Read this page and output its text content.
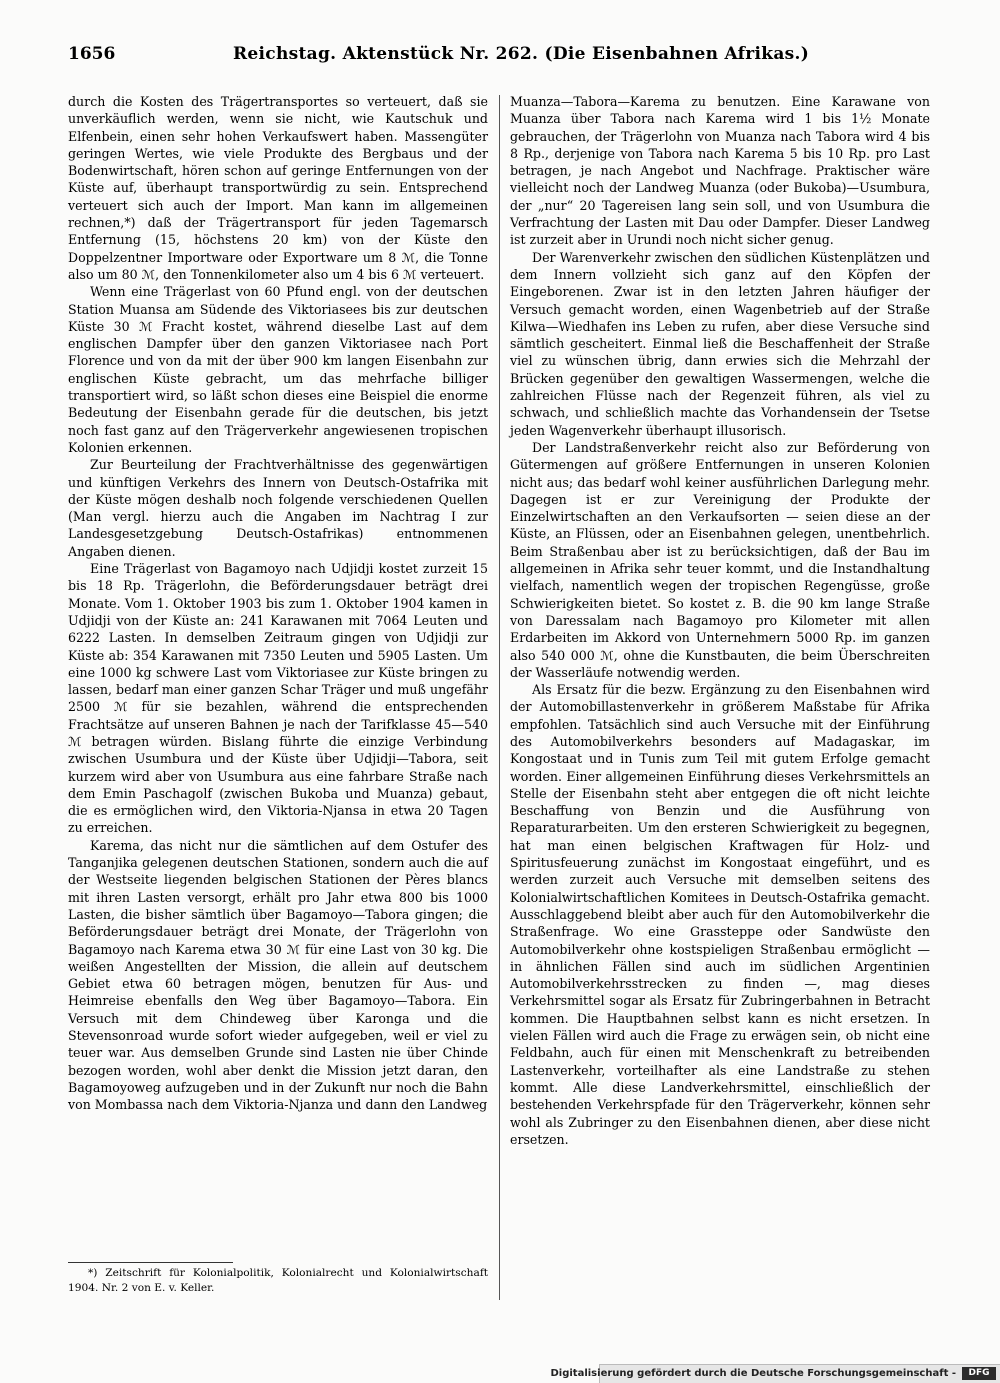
1656	Reichstag. Aktenstück Nr. 262. (Die Eisenbahnen Afrikas.)

durch die Kosten des Trägertransportes so verteuert, daß sie unverkäuflich werden, wenn sie nicht, wie Kautschuk und Elfenbein, einen sehr hohen Verkaufswert haben. Massengüter geringen Wertes, wie viele Produkte des Bergbaus und der Bodenwirtschaft, hören schon auf geringe Entfernungen von der Küste auf, überhaupt transportwürdig zu sein. Entsprechend verteuert sich auch der Import. Man kann im allgemeinen rechnen,*) daß der Trägertransport für jeden Tagemarsch Entfernung (15, höchstens 20 km) von der Küste den Doppelzentner Importware oder Exportware um 8 ℳ, die Tonne also um 80 ℳ, den Tonnenkilometer also um 4 bis 6 ℳ verteuert.

Wenn eine Trägerlast von 60 Pfund engl. von der deutschen Station Muansa am Südende des Viktoriasees bis zur deutschen Küste 30 ℳ Fracht kostet, während dieselbe Last auf dem englischen Dampfer über den ganzen Viktoriasee nach Port Florence und von da mit der über 900 km langen Eisenbahn zur englischen Küste gebracht, um das mehrfache billiger transportiert wird, so läßt schon dieses eine Beispiel die enorme Bedeutung der Eisenbahn gerade für die deutschen, bis jetzt noch fast ganz auf den Trägerverkehr angewiesenen tropischen Kolonien erkennen.

Zur Beurteilung der Frachtverhältnisse des gegenwärtigen und künftigen Verkehrs des Innern von Deutsch-Ostafrika mit der Küste mögen deshalb noch folgende verschiedenen Quellen (Man vergl. hierzu auch die Angaben im Nachtrag I zur Landesgesetzgebung Deutsch-Ostafrikas) entnommenen Angaben dienen.

Eine Trägerlast von Bagamoyo nach Udjidji kostet zurzeit 15 bis 18 Rp. Trägerlohn, die Beförderungsdauer beträgt drei Monate. Vom 1. Oktober 1903 bis zum 1. Oktober 1904 kamen in Udjidji von der Küste an: 241 Karawanen mit 7064 Leuten und 6222 Lasten. In demselben Zeitraum gingen von Udjidji zur Küste ab: 354 Karawanen mit 7350 Leuten und 5905 Lasten. Um eine 1000 kg schwere Last vom Viktoriasee zur Küste bringen zu lassen, bedarf man einer ganzen Schar Träger und muß ungefähr 2500 ℳ für sie bezahlen, während die entsprechenden Frachtsätze auf unseren Bahnen je nach der Tarifklasse 45—540 ℳ betragen würden. Bislang führte die einzige Verbindung zwischen Usumbura und der Küste über Udjidji—Tabora, seit kurzem wird aber von Usumbura aus eine fahrbare Straße nach dem Emin Paschagolf (zwischen Bukoba und Muanza) gebaut, die es ermöglichen wird, den Viktoria-Njansa in etwa 20 Tagen zu erreichen.

Karema, das nicht nur die sämtlichen auf dem Ostufer des Tanganjika gelegenen deutschen Stationen, sondern auch die auf der Westseite liegenden belgischen Stationen der Pères blancs mit ihren Lasten versorgt, erhält pro Jahr etwa 800 bis 1000 Lasten, die bisher sämtlich über Bagamoyo—Tabora gingen; die Beförderungsdauer beträgt drei Monate, der Trägerlohn von Bagamoyo nach Karema etwa 30 ℳ für eine Last von 30 kg. Die weißen Angestellten der Mission, die allein auf deutschem Gebiet etwa 60 betragen mögen, benutzen für Aus- und Heimreise ebenfalls den Weg über Bagamoyo—Tabora. Ein Versuch mit dem Chindeweg über Karonga und die Stevensonroad wurde sofort wieder aufgegeben, weil er viel zu teuer war. Aus demselben Grunde sind Lasten nie über Chinde bezogen worden, wohl aber denkt die Mission jetzt daran, den Bagamoyoweg aufzugeben und in der Zukunft nur noch die Bahn von Mombassa nach dem Viktoria-Njanza und dann den Landweg

Muanza—Tabora—Karema zu benutzen. Eine Karawane von Muanza über Tabora nach Karema wird 1 bis 1½ Monate gebrauchen, der Trägerlohn von Muanza nach Tabora wird 4 bis 8 Rp., derjenige von Tabora nach Karema 5 bis 10 Rp. pro Last betragen, je nach Angebot und Nachfrage. Praktischer wäre vielleicht noch der Landweg Muanza (oder Bukoba)—Usumbura, der „nur“ 20 Tagereisen lang sein soll, und von Usumbura die Verfrachtung der Lasten mit Dau oder Dampfer. Dieser Landweg ist zurzeit aber in Urundi noch nicht sicher genug.

Der Warenverkehr zwischen den südlichen Küstenplätzen und dem Innern vollzieht sich ganz auf den Köpfen der Eingeborenen. Zwar ist in den letzten Jahren häufiger der Versuch gemacht worden, einen Wagenbetrieb auf der Straße Kilwa—Wiedhafen ins Leben zu rufen, aber diese Versuche sind sämtlich gescheitert. Einmal ließ die Beschaffenheit der Straße viel zu wünschen übrig, dann erwies sich die Mehrzahl der Brücken gegenüber den gewaltigen Wassermengen, welche die zahlreichen Flüsse nach der Regenzeit führen, als viel zu schwach, und schließlich machte das Vorhandensein der Tsetse jeden Wagenverkehr überhaupt illusorisch.

Der Landstraßenverkehr reicht also zur Beförderung von Gütermengen auf größere Entfernungen in unseren Kolonien nicht aus; das bedarf wohl keiner ausführlichen Darlegung mehr. Dagegen ist er zur Vereinigung der Produkte der Einzelwirtschaften an den Verkaufsorten — seien diese an der Küste, an Flüssen, oder an Eisenbahnen gelegen, unentbehrlich. Beim Straßenbau aber ist zu berücksichtigen, daß der Bau im allgemeinen in Afrika sehr teuer kommt, und die Instandhaltung vielfach, namentlich wegen der tropischen Regengüsse, große Schwierigkeiten bietet. So kostet z. B. die 90 km lange Straße von Daressalam nach Bagamoyo pro Kilometer mit allen Erdarbeiten im Akkord von Unternehmern 5000 Rp. im ganzen also 540 000 ℳ, ohne die Kunstbauten, die beim Überschreiten der Wasserläufe notwendig werden.

Als Ersatz für die bezw. Ergänzung zu den Eisenbahnen wird der Automobillastenverkehr in größerem Maßstabe für Afrika empfohlen. Tatsächlich sind auch Versuche mit der Einführung des Automobilverkehrs besonders auf Madagaskar, im Kongostaat und in Tunis zum Teil mit gutem Erfolge gemacht worden. Einer allgemeinen Einführung dieses Verkehrsmittels an Stelle der Eisenbahn steht aber entgegen die oft nicht leichte Beschaffung von Benzin und die Ausführung von Reparaturarbeiten. Um den ersteren Schwierigkeit zu begegnen, hat man einen belgischen Kraftwagen für Holz- und Spiritusfeuerung zunächst im Kongostaat eingeführt, und es werden zurzeit auch Versuche mit demselben seitens des Kolonialwirtschaftlichen Komitees in Deutsch-Ostafrika gemacht. Ausschlaggebend bleibt aber auch für den Automobilverkehr die Straßenfrage. Wo eine Grassteppe oder Sandwüste den Automobilverkehr ohne kostspieligen Straßenbau ermöglicht — in ähnlichen Fällen sind auch im südlichen Argentinien Automobilverkehrsstrecken zu finden —, mag dieses Verkehrsmittel sogar als Ersatz für Zubringerbahnen in Betracht kommen. Die Hauptbahnen selbst kann es nicht ersetzen. In vielen Fällen wird auch die Frage zu erwägen sein, ob nicht eine Feldbahn, auch für einen mit Menschenkraft zu betreibenden Lastenverkehr, vorteilhafter als eine Landstraße zu stehen kommt. Alle diese Landverkehrsmittel, einschließlich der bestehenden Verkehrspfade für den Trägerverkehr, können sehr wohl als Zubringer zu den Eisenbahnen dienen, aber diese nicht ersetzen.

*) Zeitschrift für Kolonialpolitik, Kolonialrecht und Kolonialwirtschaft 1904. Nr. 2 von E. v. Keller.

Digitalisierung gefördert durch die Deutsche Forschungsgemeinschaft -	DFG
